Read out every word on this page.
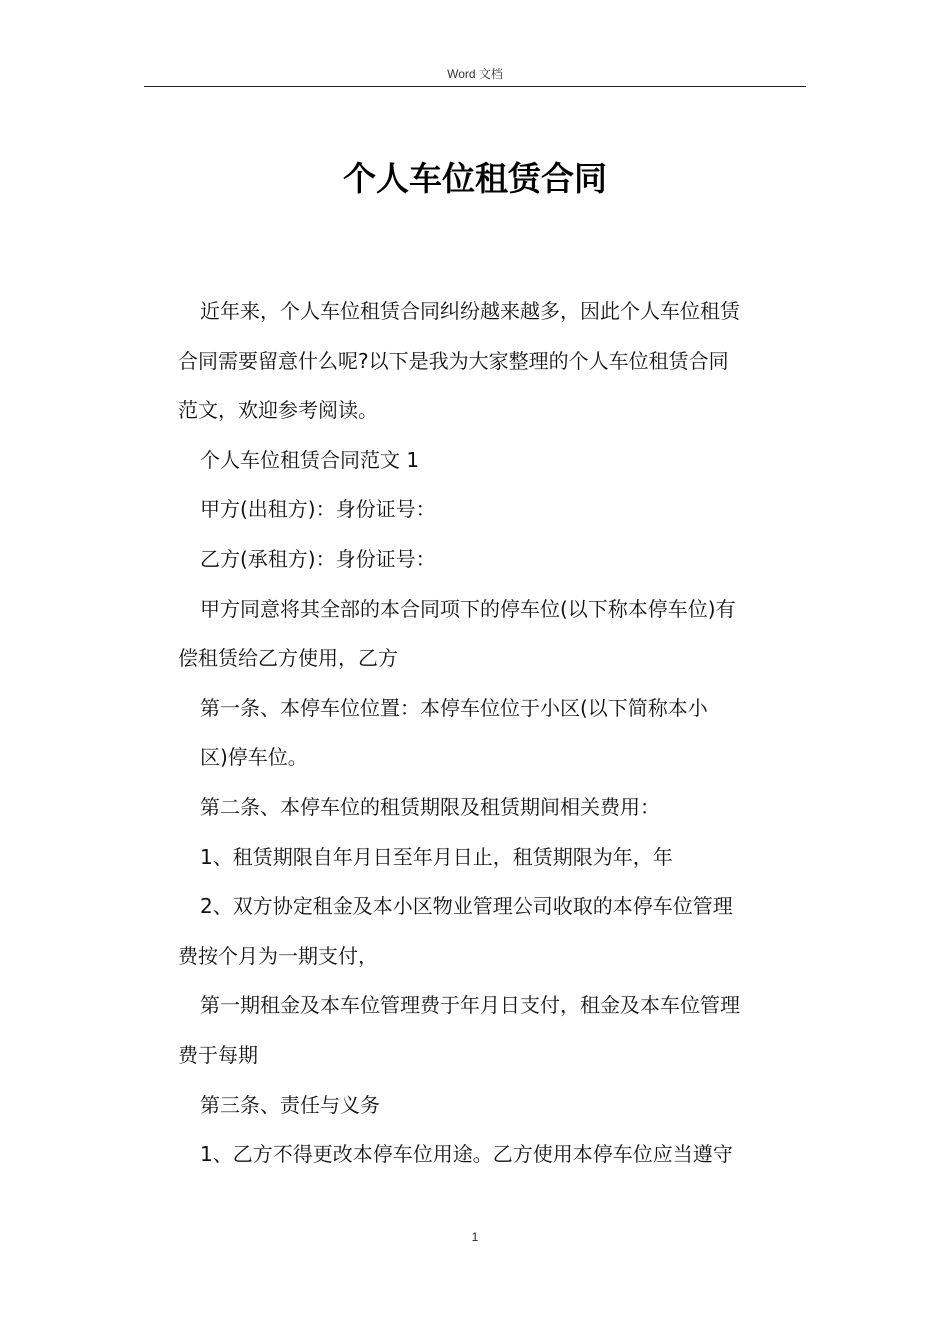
Word 文档
个人车位租赁合同
近年来，个人车位租赁合同纠纷越来越多，因此个人车位租赁
合同需要留意什么呢?以下是我为大家整理的个人车位租赁合同
范文，欢迎参考阅读。
个人车位租赁合同范文 1
甲方(出租方)：身份证号：
乙方(承租方)：身份证号：
甲方同意将其全部的本合同项下的停车位(以下称本停车位)有
偿租赁给乙方使用，乙方
第一条、本停车位位置：本停车位位于小区(以下简称本小
区)停车位。
第二条、本停车位的租赁期限及租赁期间相关费用：
1、租赁期限自年月日至年月日止，租赁期限为年，年
2、双方协定租金及本小区物业管理公司收取的本停车位管理
费按个月为一期支付，
第一期租金及本车位管理费于年月日支付，租金及本车位管理
费于每期
第三条、责任与义务
1、乙方不得更改本停车位用途。乙方使用本停车位应当遵守
1
